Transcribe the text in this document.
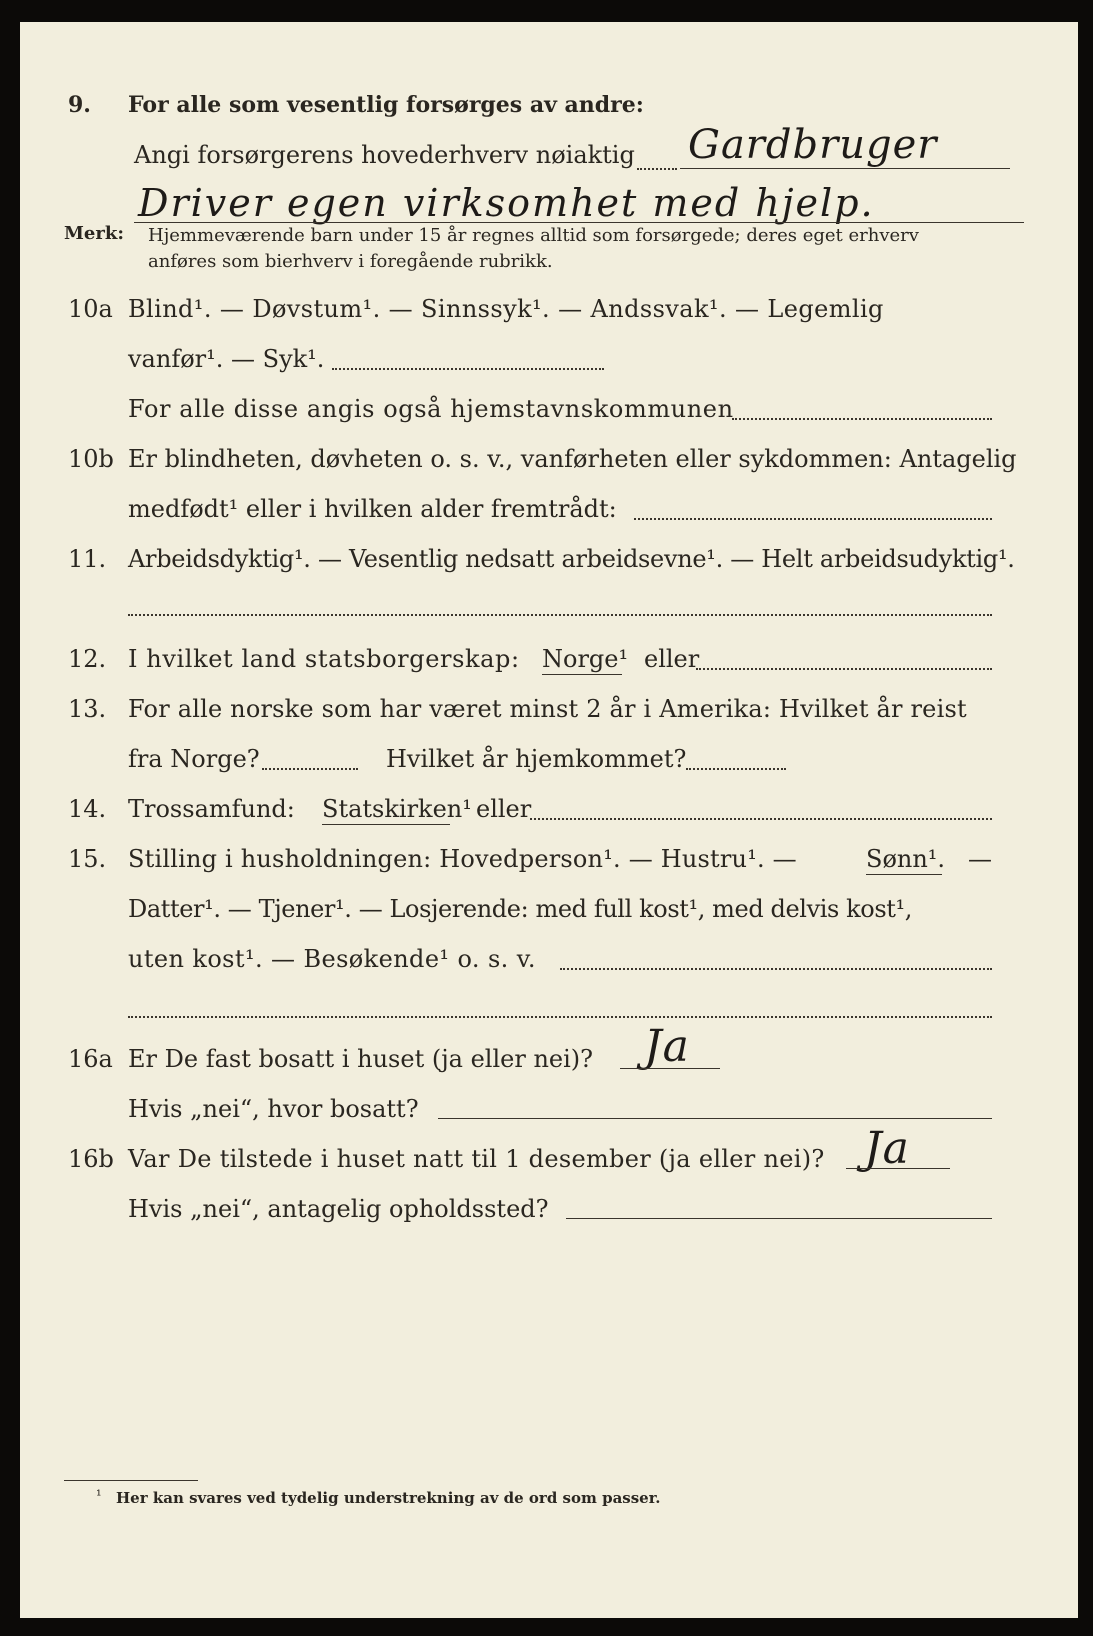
9. For alle som vesentlig forsørges av andre:
Angi forsørgerens hovederhverv nøiaktig Gardbruger
Driver egen virksomhet med hjelp.
Merk: Hjemmeværende barn under 15 år regnes alltid som forsørgede; deres eget erhverv
anføres som bierhverv i foregående rubrikk.
10a Blind¹. — Døvstum¹. — Sinnssyk¹. — Andssvak¹. — Legemlig
vanfør¹. — Syk¹.
For alle disse angis også hjemstavnskommunen
10b Er blindheten, døvheten o. s. v., vanførheten eller sykdommen: Antagelig
medfødt¹ eller i hvilken alder fremtrådt:
11. Arbeidsdyktig¹. — Vesentlig nedsatt arbeidsevne¹. — Helt arbeidsudyktig¹.
12. I hvilket land statsborgerskap: Norge¹ eller
13. For alle norske som har været minst 2 år i Amerika: Hvilket år reist
fra Norge?	Hvilket år hjemkommet?
14. Trossamfund: Statskirken¹ eller
15. Stilling i husholdningen: Hovedperson¹. — Hustru¹. —	Sønn¹. —
Datter¹. — Tjener¹. — Losjerende: med full kost¹, med delvis kost¹,
uten kost¹. — Besøkende¹ o. s. v.
16a Er De fast bosatt i huset (ja eller nei)? Ja
Hvis „nei“, hvor bosatt?
16b Var De tilstede i huset natt til 1 desember (ja eller nei)? Ja
Hvis „nei“, antagelig opholdssted?
¹ Her kan svares ved tydelig understrekning av de ord som passer.
